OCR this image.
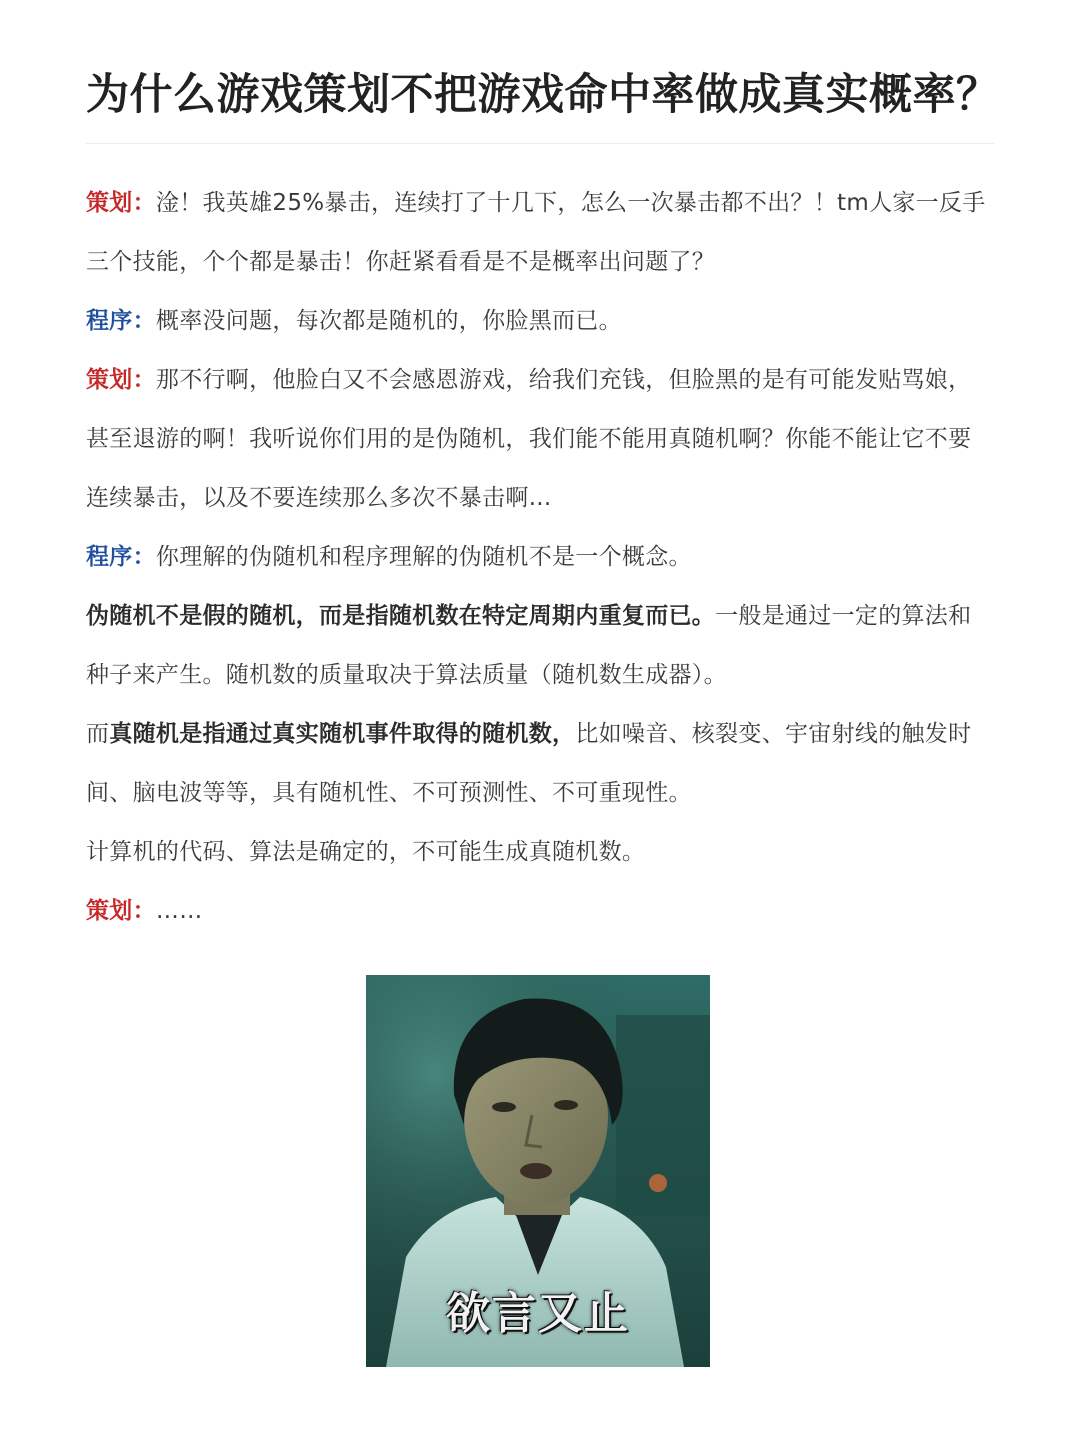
为什么游戏策划不把游戏命中率做成真实概率？

策划：淦！我英雄25%暴击，连续打了十几下，怎么一次暴击都不出？！tm人家一反手三个技能，个个都是暴击！你赶紧看看是不是概率出问题了？

程序：概率没问题，每次都是随机的，你脸黑而已。

策划：那不行啊，他脸白又不会感恩游戏，给我们充钱，但脸黑的是有可能发贴骂娘，甚至退游的啊！我听说你们用的是伪随机，我们能不能用真随机啊？你能不能让它不要连续暴击，以及不要连续那么多次不暴击啊...

程序：你理解的伪随机和程序理解的伪随机不是一个概念。

伪随机不是假的随机，而是指随机数在特定周期内重复而已。一般是通过一定的算法和种子来产生。随机数的质量取决于算法质量（随机数生成器）。

而真随机是指通过真实随机事件取得的随机数，比如噪音、核裂变、宇宙射线的触发时间、脑电波等等，具有随机性、不可预测性、不可重现性。

计算机的代码、算法是确定的，不可能生成真随机数。

策划：……

欲言又止
